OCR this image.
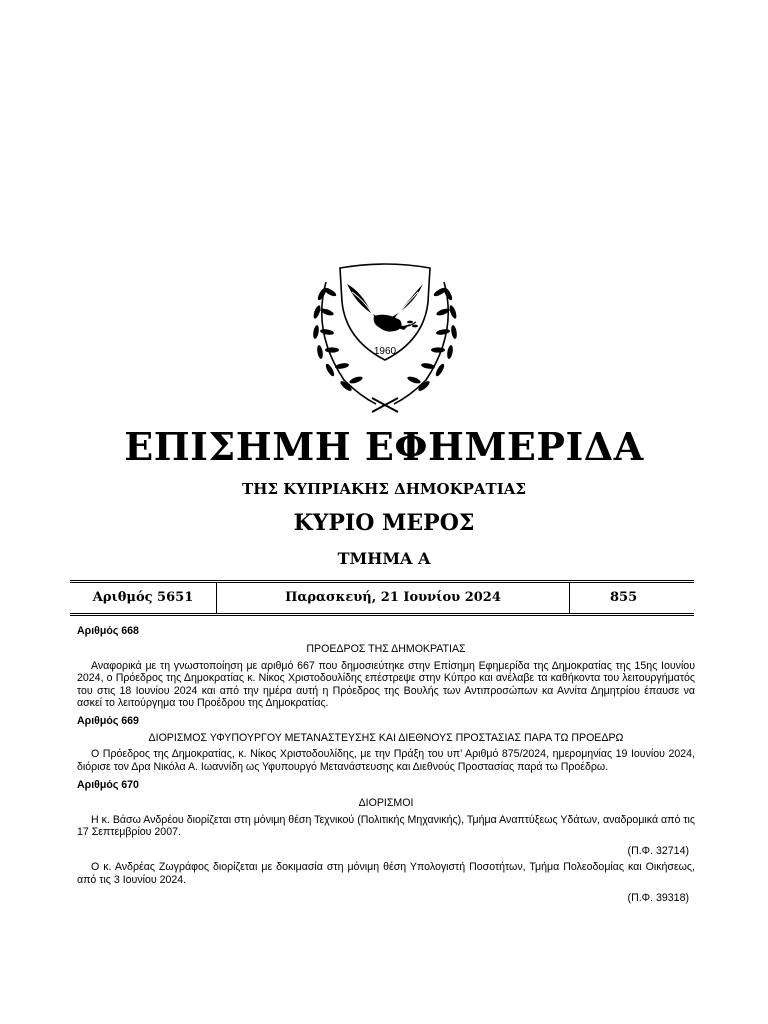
1960
ΕΠΙΣΗΜΗ ΕΦΗΜΕΡΙΔΑ
ΤΗΣ ΚΥΠΡΙΑΚΗΣ ΔΗΜΟΚΡΑΤΙΑΣ
ΚΥΡΙΟ ΜΕΡΟΣ
ΤΜΗΜΑ Α
Αριθμός 5651	Παρασκευή, 21 Ιουνίου 2024	855

Αριθμός 668

ΠΡΟΕΔΡΟΣ ΤΗΣ ΔΗΜΟΚΡΑΤΙΑΣ

Αναφορικά με τη γνωστοποίηση με αριθμό 667 που δημοσιεύτηκε στην Επίσημη Εφημερίδα της Δημοκρατίας της 15ης Ιουνίου 2024, ο Πρόεδρος της Δημοκρατίας κ. Νίκος Χριστοδουλίδης επέστρεψε στην Κύπρο και ανέλαβε τα καθήκοντα του λειτουργήματός του στις 18 Ιουνίου 2024 και από την ημέρα αυτή η Πρόεδρος της Βουλής των Αντιπροσώπων κα Αννίτα Δημητρίου έπαυσε να ασκεί το λειτούργημα του Προέδρου της Δημοκρατίας.

Αριθμός 669

ΔΙΟΡΙΣΜΟΣ ΥΦΥΠΟΥΡΓΟΥ ΜΕΤΑΝΑΣΤΕΥΣΗΣ ΚΑΙ ΔΙΕΘΝΟΥΣ ΠΡΟΣΤΑΣΙΑΣ ΠΑΡΑ ΤΩ ΠΡΟΕΔΡΩ

Ο Πρόεδρος της Δημοκρατίας, κ. Νίκος Χριστοδουλίδης, με την Πράξη του υπ’ Αριθμό 875/2024, ημερομηνίας 19 Ιουνίου 2024, διόρισε τον Δρα Νικόλα Α. Ιωαννίδη ως Υφυπουργό Μετανάστευσης και Διεθνούς Προστασίας παρά τω Προέδρω.

Αριθμός 670

ΔΙΟΡΙΣΜΟΙ

Η κ. Βάσω Ανδρέου διορίζεται στη μόνιμη θέση Τεχνικού (Πολιτικής Μηχανικής), Τμήμα Αναπτύξεως Υδάτων, αναδρομικά από τις 17 Σεπτεμβρίου 2007.

(Π.Φ. 32714)

Ο κ. Ανδρέας Ζωγράφος διορίζεται με δοκιμασία στη μόνιμη θέση Υπολογιστή Ποσοτήτων, Τμήμα Πολεοδομίας και Οικήσεως, από τις 3 Ιουνίου 2024.

(Π.Φ. 39318)
